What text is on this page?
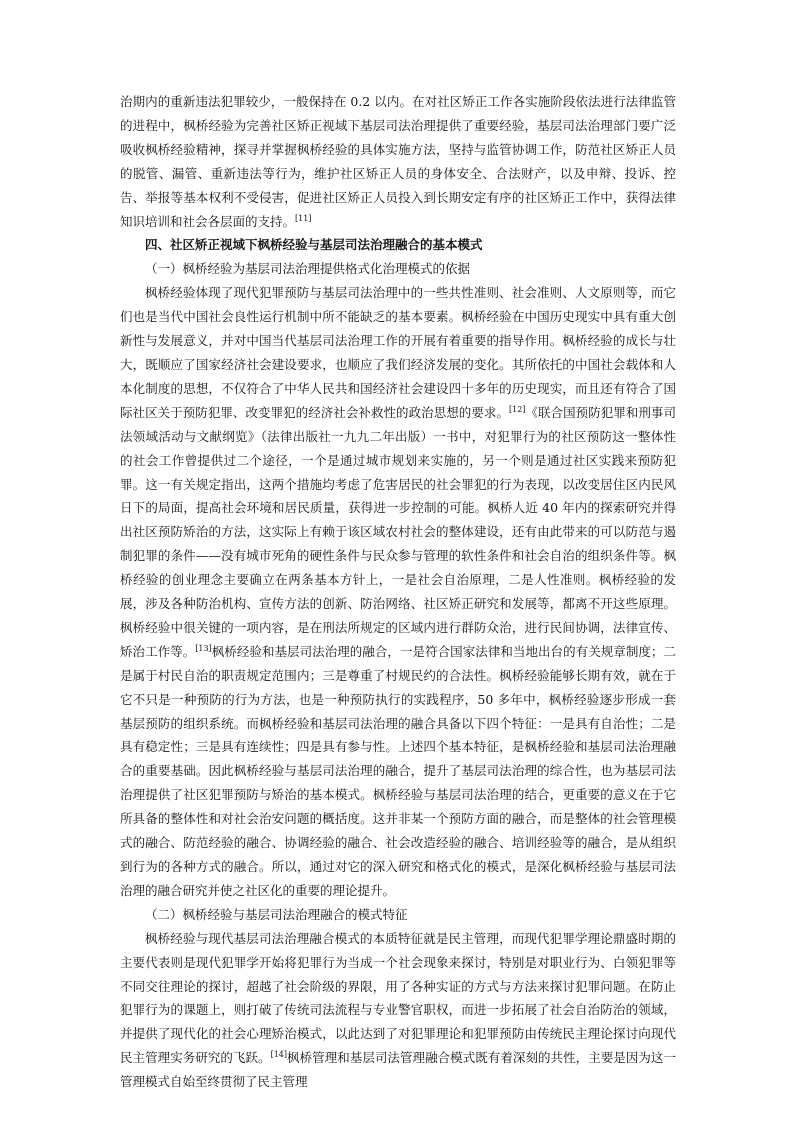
治期内的重新违法犯罪较少，一般保持在 0.2 以内。在对社区矫正工作各实施阶段依法进行法律监管的进程中，枫桥经验为完善社区矫正视域下基层司法治理提供了重要经验，基层司法治理部门要广泛吸收枫桥经验精神，探寻并掌握枫桥经验的具体实施方法，坚持与监管协调工作，防范社区矫正人员的脱管、漏管、重新违法等行为，维护社区矫正人员的身体安全、合法财产，以及申辩、投诉、控告、举报等基本权利不受侵害，促进社区矫正人员投入到长期安定有序的社区矫正工作中，获得法律知识培训和社会各层面的支持。[11]

四、社区矫正视域下枫桥经验与基层司法治理融合的基本模式

（一）枫桥经验为基层司法治理提供格式化治理模式的依据

枫桥经验体现了现代犯罪预防与基层司法治理中的一些共性准则、社会准则、人文原则等，而它们也是当代中国社会良性运行机制中所不能缺乏的基本要素。枫桥经验在中国历史现实中具有重大创新性与发展意义，并对中国当代基层司法治理工作的开展有着重要的指导作用。枫桥经验的成长与壮大，既顺应了国家经济社会建设要求，也顺应了我们经济发展的变化。其所依托的中国社会载体和人本化制度的思想，不仅符合了中华人民共和国经济社会建设四十多年的历史现实，而且还有符合了国际社区关于预防犯罪、改变罪犯的经济社会补救性的政治思想的要求。[12]《联合国预防犯罪和刑事司法领域活动与文献纲览》（法律出版社一九九二年出版）一书中，对犯罪行为的社区预防这一整体性的社会工作曾提供过二个途径，一个是通过城市规划来实施的，另一个则是通过社区实践来预防犯罪。这一有关规定指出，这两个措施均考虑了危害居民的社会罪犯的行为表现，以改变居住区内民风日下的局面，提高社会环境和居民质量，获得进一步控制的可能。枫桥人近 40 年内的探索研究并得出社区预防矫治的方法，这实际上有赖于该区域农村社会的整体建设，还有由此带来的可以防范与遏制犯罪的条件——没有城市死角的硬性条件与民众参与管理的软性条件和社会自治的组织条件等。枫桥经验的创业理念主要确立在两条基本方针上，一是社会自治原理，二是人性准则。枫桥经验的发展，涉及各种防治机构、宣传方法的创新、防治网络、社区矫正研究和发展等，都离不开这些原理。枫桥经验中很关键的一项内容，是在刑法所规定的区域内进行群防众治，进行民间协调，法律宣传、矫治工作等。[13]枫桥经验和基层司法治理的融合，一是符合国家法律和当地出台的有关规章制度；二是属于村民自治的职责规定范围内；三是尊重了村规民约的合法性。枫桥经验能够长期有效，就在于它不只是一种预防的行为方法，也是一种预防执行的实践程序，50 多年中，枫桥经验逐步形成一套基层预防的组织系统。而枫桥经验和基层司法治理的融合具备以下四个特征：一是具有自治性；二是具有稳定性；三是具有连续性；四是具有参与性。上述四个基本特征，是枫桥经验和基层司法治理融合的重要基础。因此枫桥经验与基层司法治理的融合，提升了基层司法治理的综合性，也为基层司法治理提供了社区犯罪预防与矫治的基本模式。枫桥经验与基层司法治理的结合，更重要的意义在于它所具备的整体性和对社会治安问题的概括度。这并非某一个预防方面的融合，而是整体的社会管理模式的融合、防范经验的融合、协调经验的融合、社会改造经验的融合、培训经验等的融合，是从组织到行为的各种方式的融合。所以，通过对它的深入研究和格式化的模式，是深化枫桥经验与基层司法治理的融合研究并使之社区化的重要的理论提升。

（二）枫桥经验与基层司法治理融合的模式特征

枫桥经验与现代基层司法治理融合模式的本质特征就是民主管理，而现代犯罪学理论鼎盛时期的主要代表则是现代犯罪学开始将犯罪行为当成一个社会现象来探讨，特别是对职业行为、白领犯罪等不同交往理论的探讨，超越了社会阶级的界限，用了各种实证的方式与方法来探讨犯罪问题。在防止犯罪行为的课题上，则打破了传统司法流程与专业警官职权，而进一步拓展了社会自治防治的领域，并提供了现代化的社会心理矫治模式，以此达到了对犯罪理论和犯罪预防由传统民主理论探讨向现代民主管理实务研究的飞跃。[14]枫桥管理和基层司法管理融合模式既有着深刻的共性，主要是因为这一管理模式自始至终贯彻了民主管理
